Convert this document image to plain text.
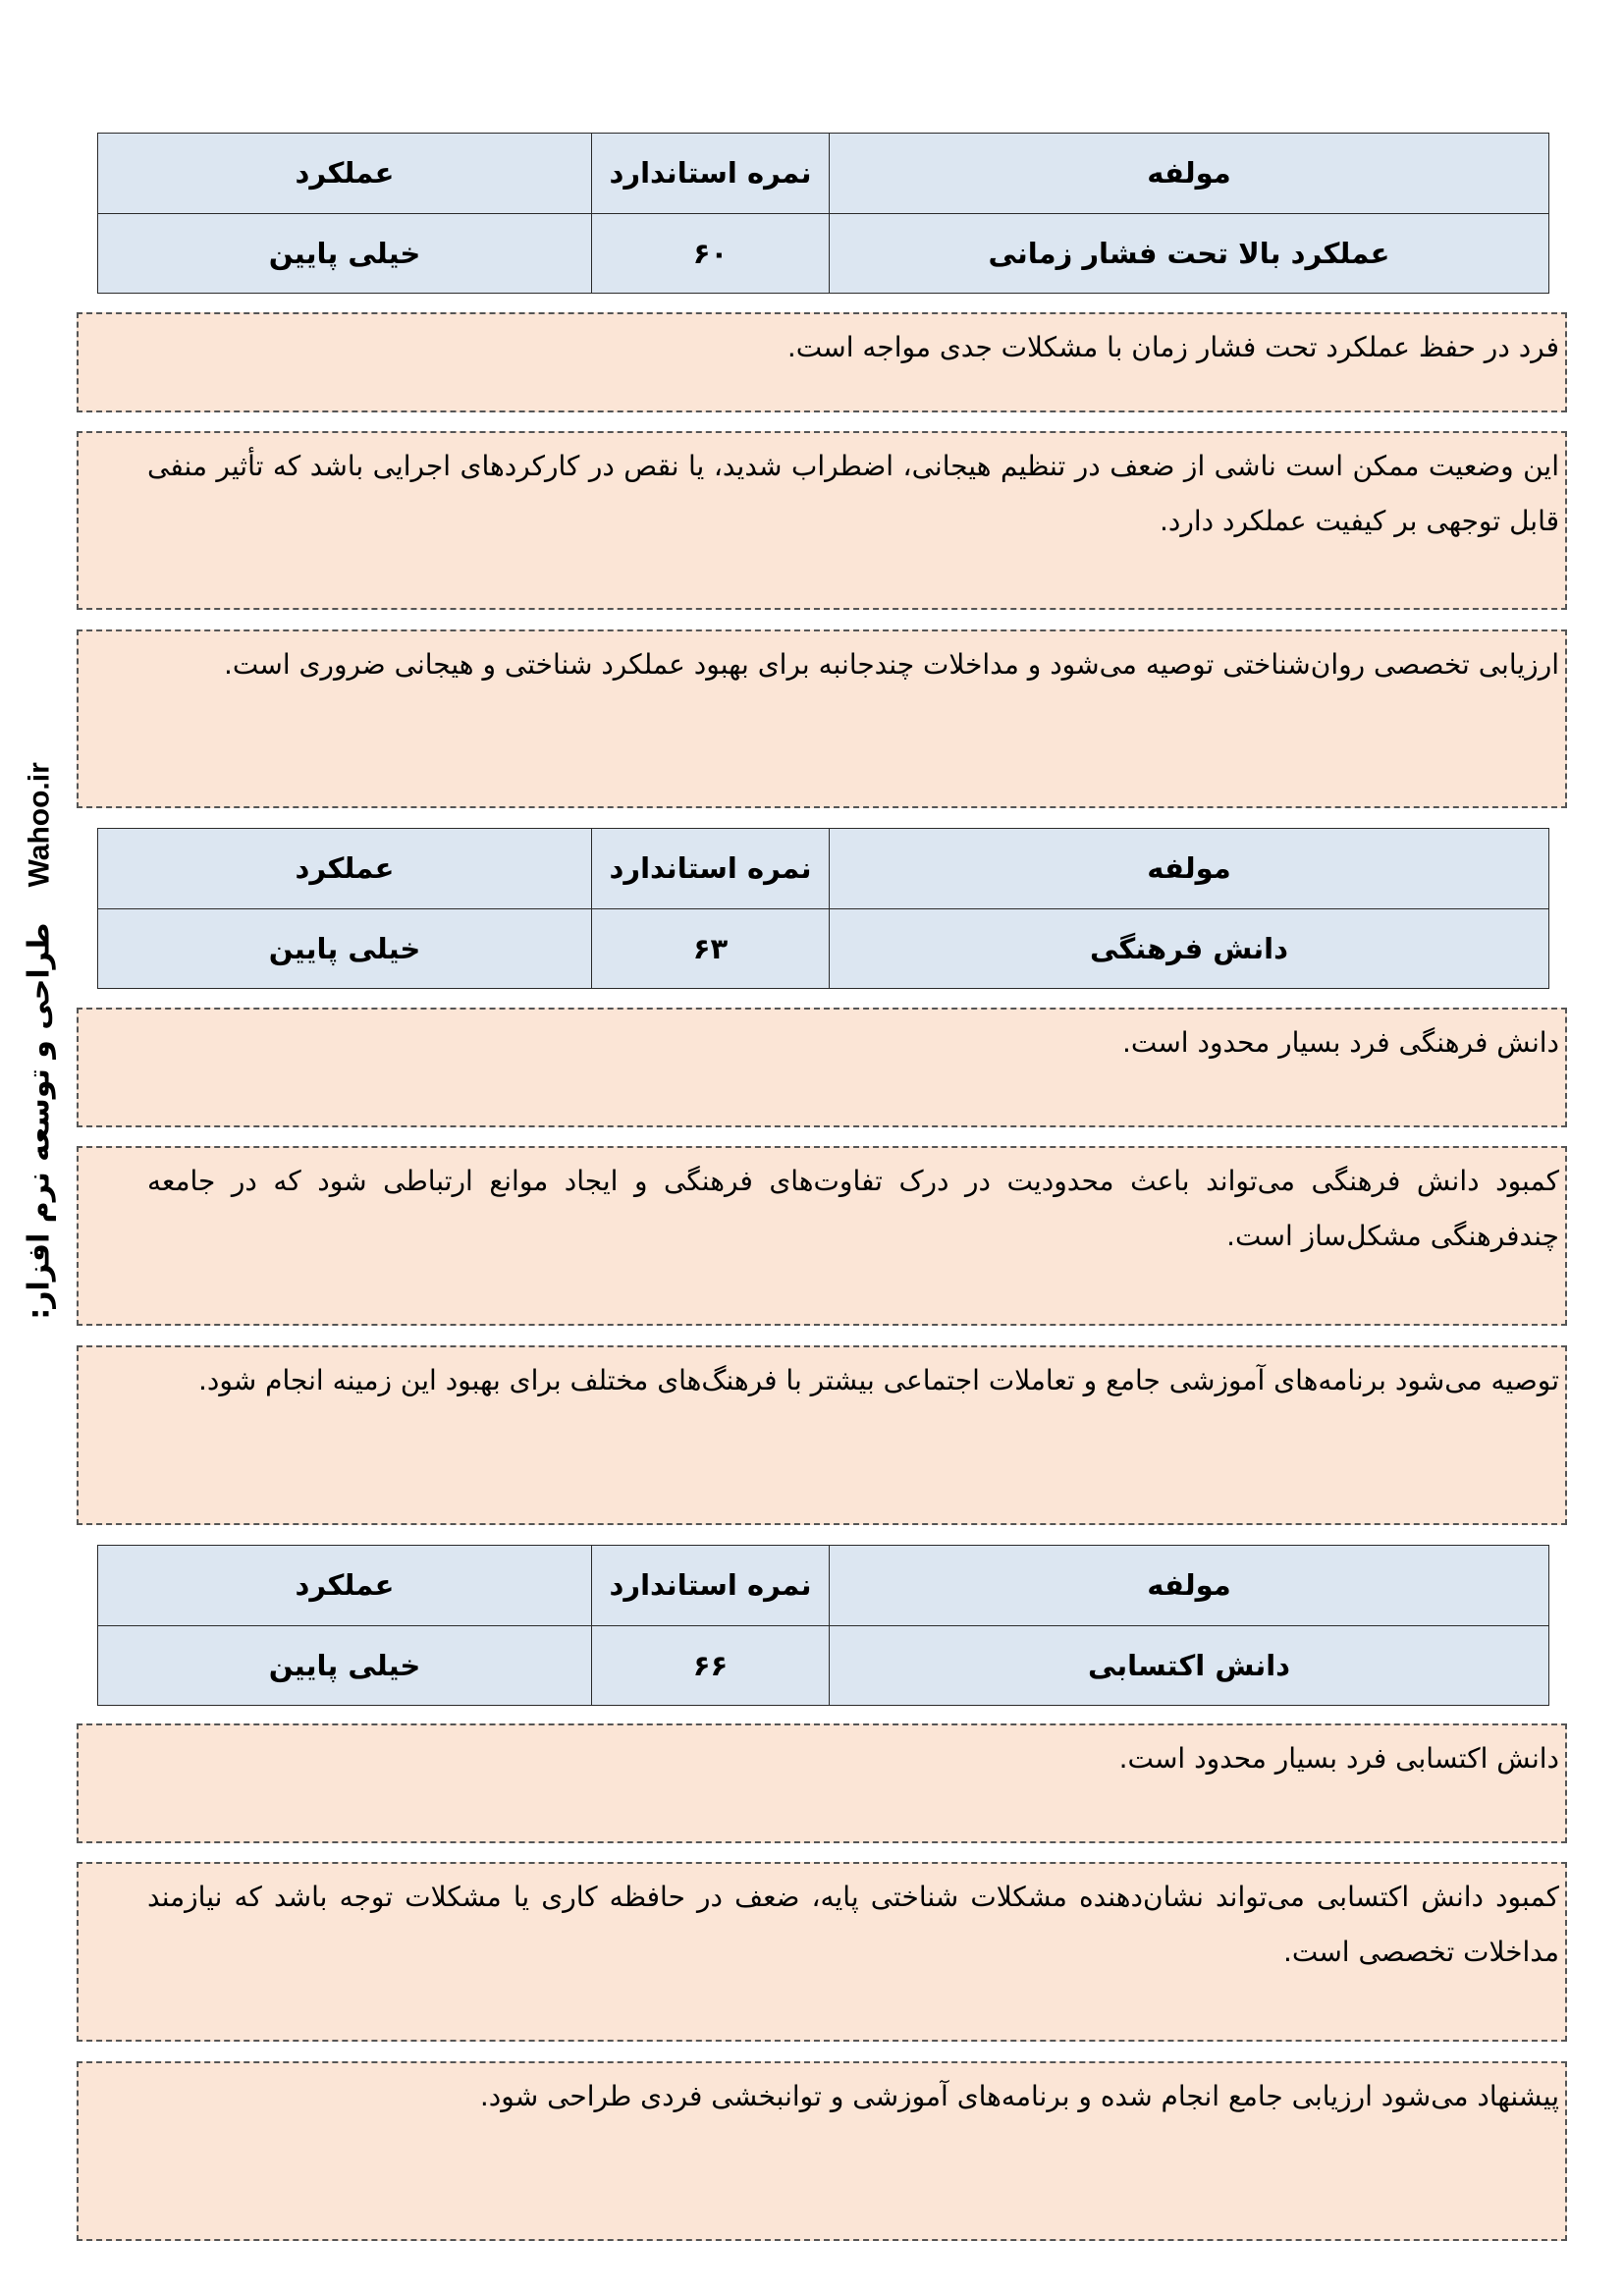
طراحی و توسعه نرم افزار:
Wahoo.ir
مولفه	نمره استاندارد	عملکرد
عملکرد بالا تحت فشار زمانی	۶۰	خیلی پایین
فرد در حفظ عملکرد تحت فشار زمان با مشکلات جدی مواجه است.
این وضعیت ممکن است ناشی از ضعف در تنظیم هیجانی، اضطراب شدید، یا نقص در کارکردهای اجرایی باشد که تأثیر منفی قابل توجهی بر کیفیت عملکرد دارد.
ارزیابی تخصصی روان‌شناختی توصیه می‌شود و مداخلات چندجانبه برای بهبود عملکرد شناختی و هیجانی ضروری است.
مولفه	نمره استاندارد	عملکرد
دانش فرهنگی	۶۳	خیلی پایین
دانش فرهنگی فرد بسیار محدود است.
کمبود دانش فرهنگی می‌تواند باعث محدودیت در درک تفاوت‌های فرهنگی و ایجاد موانع ارتباطی شود که در جامعه چندفرهنگی مشکل‌ساز است.
توصیه می‌شود برنامه‌های آموزشی جامع و تعاملات اجتماعی بیشتر با فرهنگ‌های مختلف برای بهبود این زمینه انجام شود.
مولفه	نمره استاندارد	عملکرد
دانش اکتسابی	۶۶	خیلی پایین
دانش اکتسابی فرد بسیار محدود است.
کمبود دانش اکتسابی می‌تواند نشان‌دهنده مشکلات شناختی پایه، ضعف در حافظه کاری یا مشکلات توجه باشد که نیازمند مداخلات تخصصی است.
پیشنهاد می‌شود ارزیابی جامع انجام شده و برنامه‌های آموزشی و توانبخشی فردی طراحی شود.
